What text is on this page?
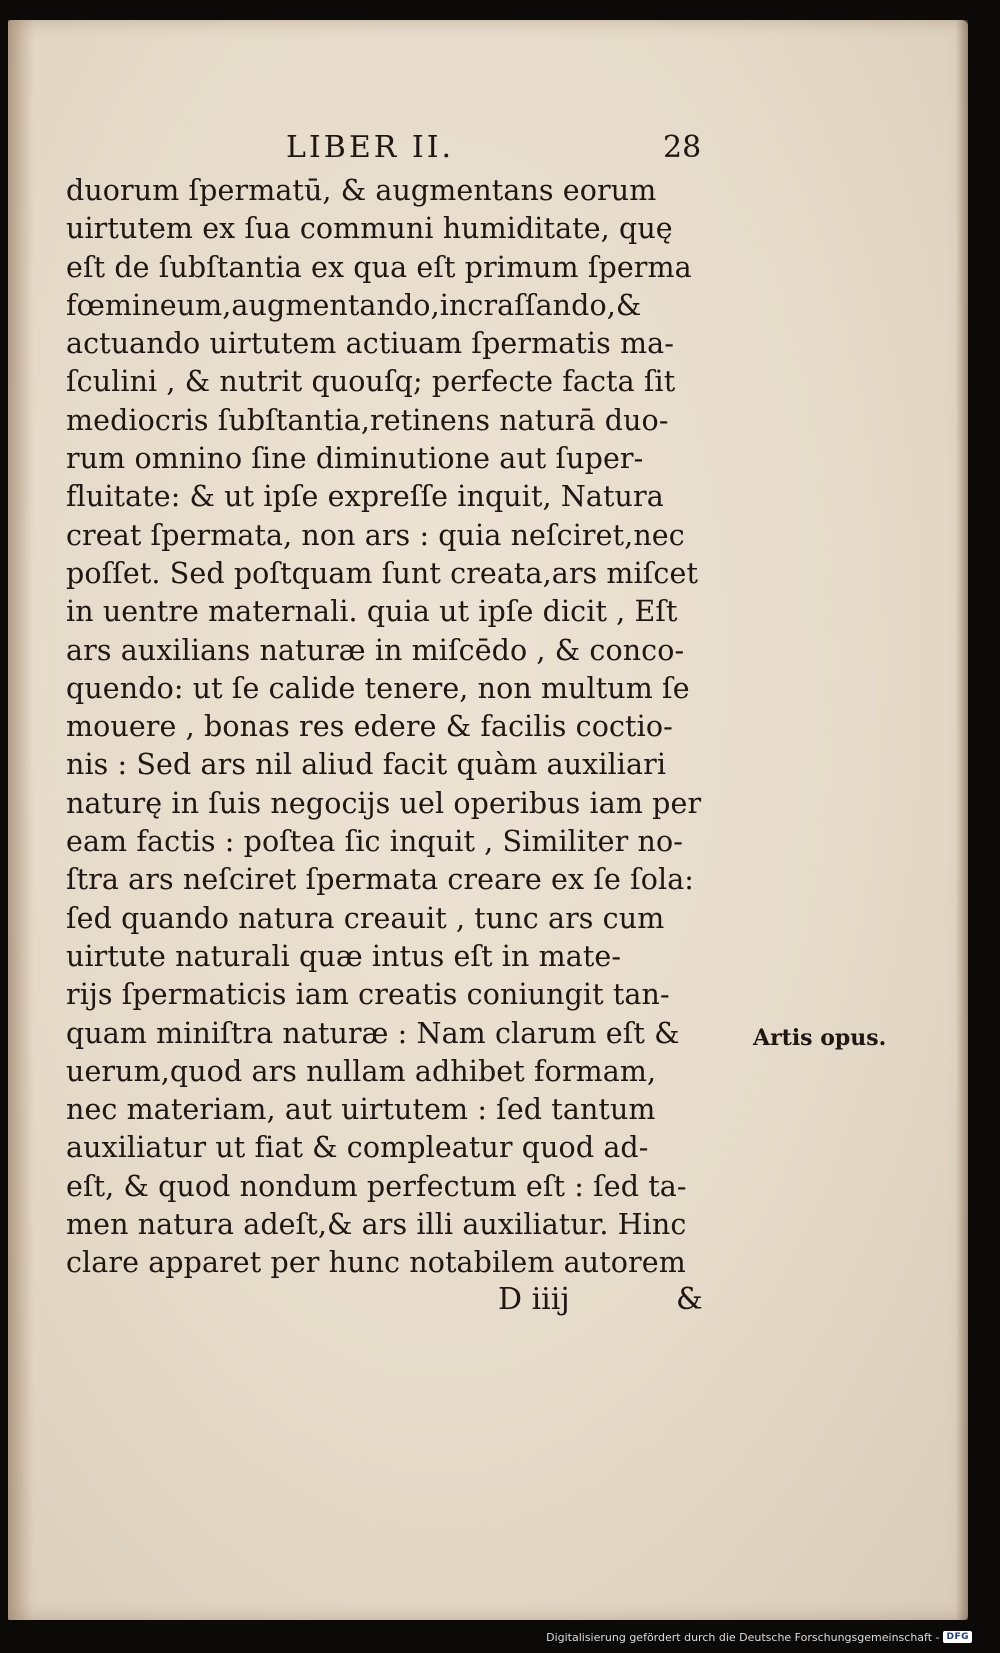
LIBER II.	28
duorum ſpermatū, & augmentans eorum
uirtutem ex ſua communi humiditate, quę
eſt de ſubſtantia ex qua eſt primum ſperma
fœmineum,augmentando,incraſſando,&
actuando uirtutem actiuam ſpermatis ma-
ſculini , & nutrit quouſq; perfecte facta ſit
mediocris ſubſtantia,retinens naturā duo-
rum omnino ſine diminutione aut ſuper-
fluitate: & ut ipſe expreſſe inquit, Natura
creat ſpermata, non ars : quia neſciret,nec
poſſet. Sed poſtquam ſunt creata,ars miſcet
in uentre maternali. quia ut ipſe dicit , Eſt
ars auxilians naturæ in miſcēdo , & conco-
quendo: ut ſe calide tenere, non multum ſe
mouere , bonas res edere & facilis coctio-
nis : Sed ars nil aliud facit quàm auxiliari
naturę in ſuis negocijs uel operibus iam per
eam factis : poſtea ſic inquit , Similiter no-
ſtra ars neſciret ſpermata creare ex ſe ſola:
ſed quando natura creauit , tunc ars cum
uirtute naturali quæ intus eſt in mate-
rijs ſpermaticis iam creatis coniungit tan-
quam miniſtra naturæ : Nam clarum eſt &
uerum,quod ars nullam adhibet formam,
nec materiam, aut uirtutem : ſed tantum
auxiliatur ut fiat & compleatur quod ad-
eſt, & quod nondum perfectum eſt : ſed ta-
men natura adeſt,& ars illi auxiliatur. Hinc
clare apparet per hunc notabilem autorem
Artis opus.
D iiij	&
Digitalisierung gefördert durch die Deutsche Forschungsgemeinschaft - DFG
